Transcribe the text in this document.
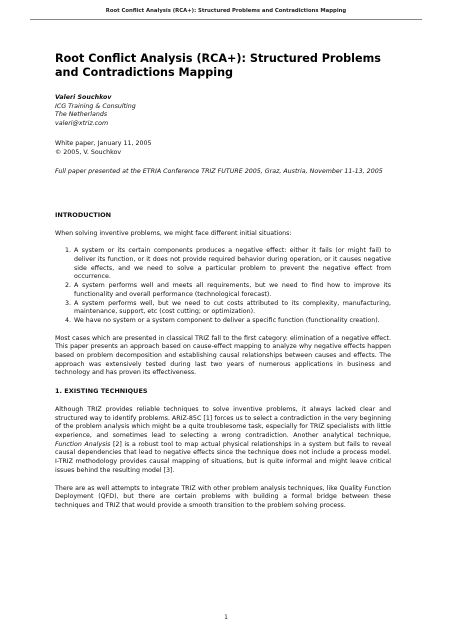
Root Conflict Analysis (RCA+): Structured Problems and Contradictions Mapping
Root Conflict Analysis (RCA+): Structured Problems and Contradictions Mapping
Valeri Souchkov
ICG Training & Consulting
The Netherlands
valeri@xtriz.com
White paper, January 11, 2005
© 2005, V. Souchkov
Full paper presented at the ETRIA Conference TRIZ FUTURE 2005, Graz, Austria, November 11-13, 2005
INTRODUCTION

When solving inventive problems, we might face different initial situations:

1. A system or its certain components produces a negative effect: either it fails (or might fail) to deliver its function, or it does not provide required behavior during operation, or it causes negative side effects, and we need to solve a particular problem to prevent the negative effect from occurrence.
2. A system performs well and meets all requirements, but we need to find how to improve its functionality and overall performance (technological forecast).
3. A system performs well, but we need to cut costs attributed to its complexity, manufacturing, maintenance, support, etc (cost cutting; or optimization).
4. We have no system or a system component to deliver a specific function (functionality creation).

Most cases which are presented in classical TRIZ fall to the first category: elimination of a negative effect. This paper presents an approach based on cause-effect mapping to analyze why negative effects happen based on problem decomposition and establishing causal relationships between causes and effects. The approach was extensively tested during last two years of numerous applications in business and technology and has proven its effectiveness.

1. EXISTING TECHNIQUES

Although TRIZ provides reliable techniques to solve inventive problems, it always lacked clear and structured way to identify problems. ARIZ-85C [1] forces us to select a contradiction in the very beginning of the problem analysis which might be a quite troublesome task, especially for TRIZ specialists with little experience, and sometimes lead to selecting a wrong contradiction. Another analytical technique, Function Analysis [2] is a robust tool to map actual physical relationships in a system but fails to reveal causal dependencies that lead to negative effects since the technique does not include a process model. I-TRIZ methodology provides causal mapping of situations, but is quite informal and might leave critical issues behind the resulting model [3].

There are as well attempts to integrate TRIZ with other problem analysis techniques, like Quality Function Deployment (QFD), but there are certain problems with building a formal bridge between these techniques and TRIZ that would provide a smooth transition to the problem solving process.

1
